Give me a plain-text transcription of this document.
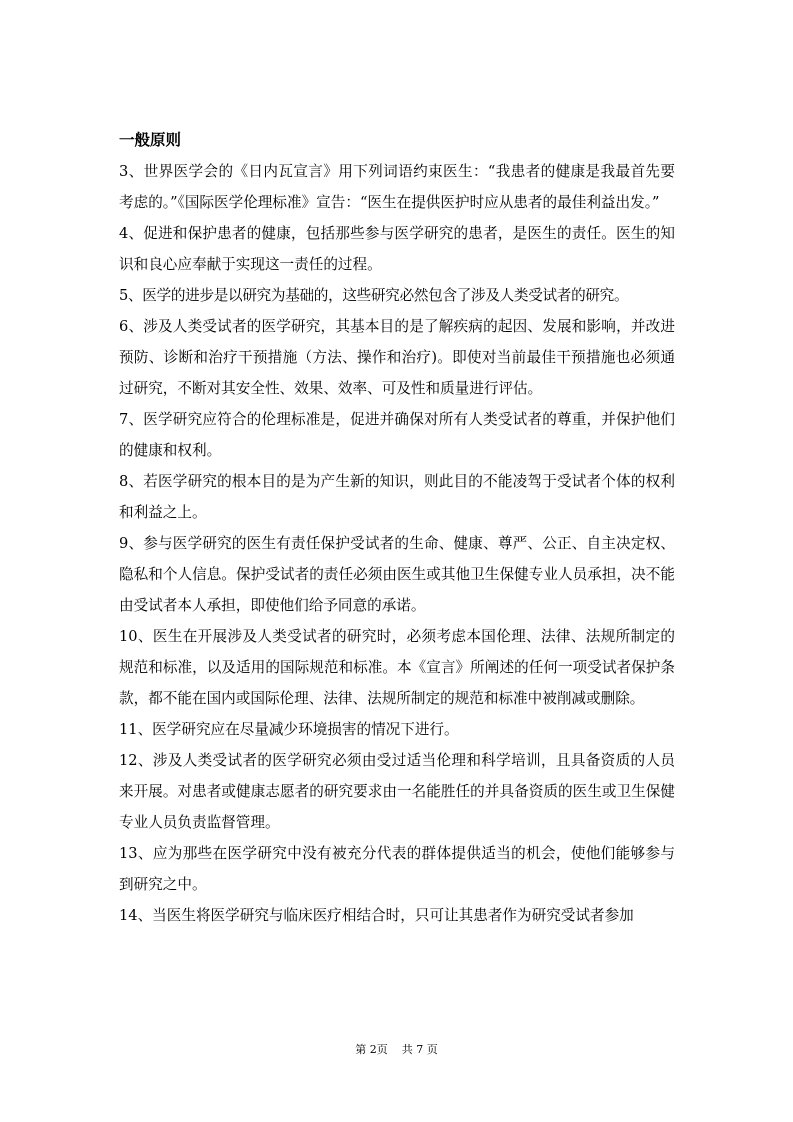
一般原则

3、世界医学会的《日内瓦宣言》用下列词语约束医生：“我患者的健康是我最首先要考虑的。”《国际医学伦理标准》宣告：“医生在提供医护时应从患者的最佳利益出发。”

4、促进和保护患者的健康，包括那些参与医学研究的患者，是医生的责任。医生的知识和良心应奉献于实现这一责任的过程。

5、医学的进步是以研究为基础的，这些研究必然包含了涉及人类受试者的研究。

6、涉及人类受试者的医学研究，其基本目的是了解疾病的起因、发展和影响，并改进预防、诊断和治疗干预措施（方法、操作和治疗)。即使对当前最佳干预措施也必须通过研究，不断对其安全性、效果、效率、可及性和质量进行评估。

7、医学研究应符合的伦理标准是，促进并确保对所有人类受试者的尊重，并保护他们的健康和权利。

8、若医学研究的根本目的是为产生新的知识，则此目的不能凌驾于受试者个体的权利和利益之上。

9、参与医学研究的医生有责任保护受试者的生命、健康、尊严、公正、自主决定权、隐私和个人信息。保护受试者的责任必须由医生或其他卫生保健专业人员承担，决不能由受试者本人承担，即使他们给予同意的承诺。

10、医生在开展涉及人类受试者的研究时，必须考虑本国伦理、法律、法规所制定的规范和标准，以及适用的国际规范和标准。本《宣言》所阐述的任何一项受试者保护条款，都不能在国内或国际伦理、法律、法规所制定的规范和标准中被削减或删除。

11、医学研究应在尽量减少环境损害的情况下进行。

12、涉及人类受试者的医学研究必须由受过适当伦理和科学培训，且具备资质的人员来开展。对患者或健康志愿者的研究要求由一名能胜任的并具备资质的医生或卫生保健专业人员负责监督管理。

13、应为那些在医学研究中没有被充分代表的群体提供适当的机会，使他们能够参与到研究之中。

14、当医生将医学研究与临床医疗相结合时，只可让其患者作为研究受试者参加

第 2页 共 7 页
